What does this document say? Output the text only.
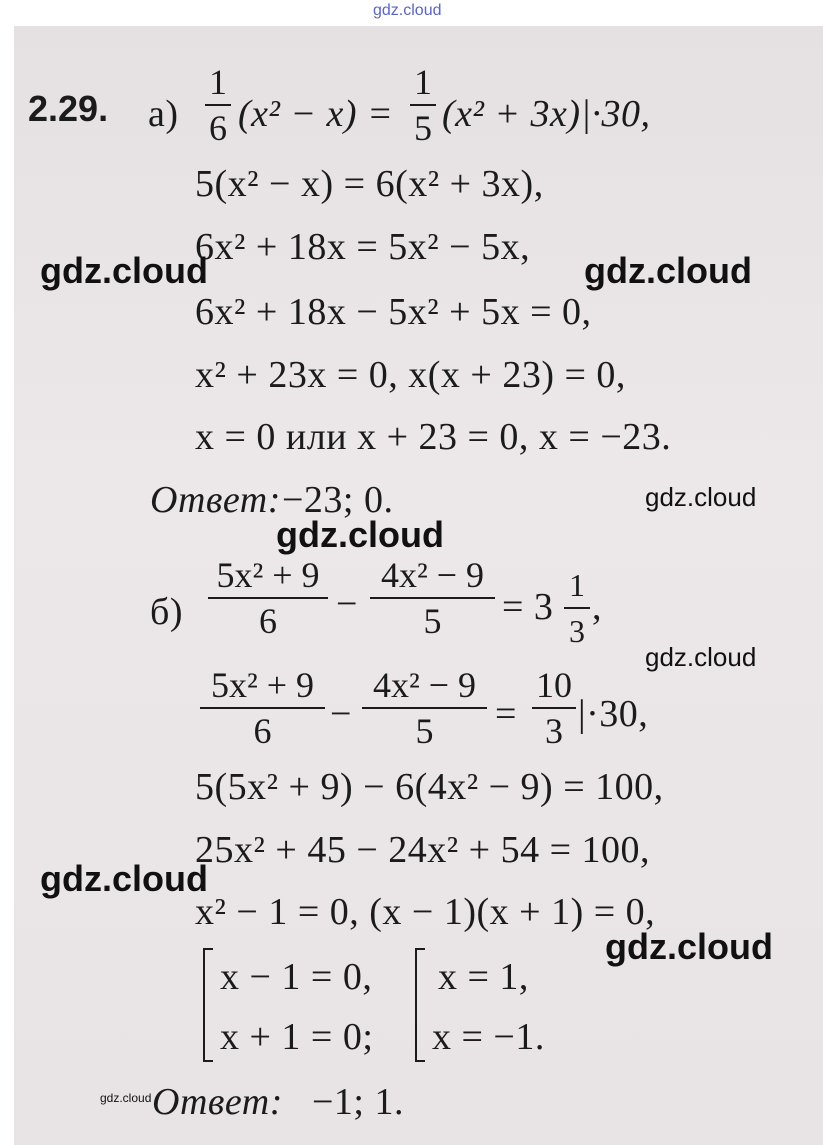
gdz.cloud
2.29. а)
1
6 (x² − x) =
1
5 (x² + 3x)|·30,
5(x² − x) = 6(x² + 3x),
6x² + 18x = 5x² − 5x,
6x² + 18x − 5x² + 5x = 0,
x² + 23x = 0, x(x + 23) = 0,
x = 0 или x + 23 = 0, x = −23.
Ответ: −23; 0.
б)
5x² + 9
6	−
4x² − 9
5	= 3
1
3
,
5x² + 9
6	−
4x² − 9
5	=
10
3 |·30,
5(5x² + 9) − 6(4x² − 9) = 100,
25x² + 45 − 24x² + 54 = 100,
x² − 1 = 0, (x − 1)(x + 1) = 0,
x − 1 = 0,
x + 1 = 0;
x = 1,
x = −1.
Ответ: −1; 1.
gdz.cloud	gdz.cloud
gdz.cloud
gdz.cloud
gdz.cloud
gdz.cloud
gdz.cloud
gdz.cloud
